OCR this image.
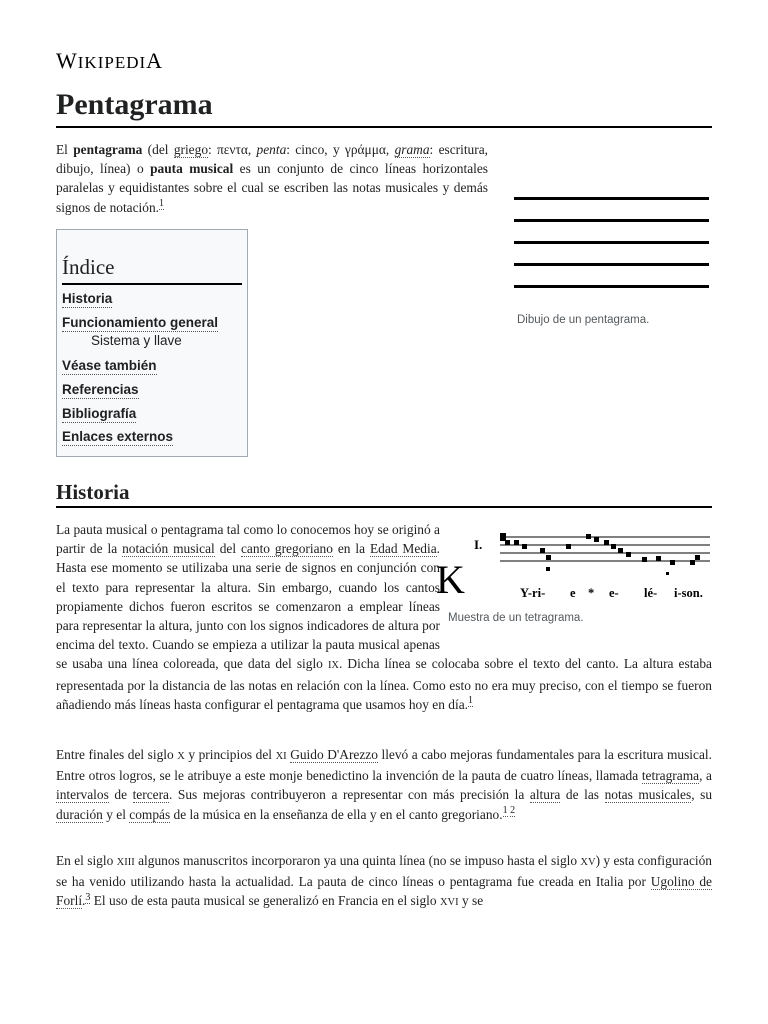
WIKIPEDIA
Pentagrama

El pentagrama (del griego: πεντα, penta: cinco, y γράμμα, grama: escritura, dibujo, línea) o pauta musical es un conjunto de cinco líneas horizontales paralelas y equidistantes sobre el cual se escriben las notas musicales y demás signos de notación.$^1$

Dibujo de un pentagrama.
Índice
Historia
Funcionamiento general
Sistema y llave
Véase también
Referencias
Bibliografía
Enlaces externos
Historia
I.
K	Y-ri- e * e- lé- i-son.
Muestra de un tetragrama.

La pauta musical o pentagrama tal como lo conocemos hoy se originó a partir de la notación musical del canto gregoriano en la Edad Media. Hasta ese momento se utilizaba una serie de signos en conjunción con el texto para representar la altura. Sin embargo, cuando los cantos propiamente dichos fueron escritos se comenzaron a emplear líneas para representar la altura, junto con los signos indicadores de altura por encima del texto. Cuando se empieza a utilizar la pauta musical apenas se usaba una línea coloreada, que data del siglo IX. Dicha línea se colocaba sobre el texto del canto. La altura estaba representada por la distancia de las notas en relación con la línea. Como esto no era muy preciso, con el tiempo se fueron añadiendo más líneas hasta configurar el pentagrama que usamos hoy en día.$^1$

Entre finales del siglo X y principios del XI Guido D'Arezzo llevó a cabo mejoras fundamentales para la escritura musical. Entre otros logros, se le atribuye a este monje benedictino la invención de la pauta de cuatro líneas, llamada tetragrama, a intervalos de tercera. Sus mejoras contribuyeron a representar con más precisión la altura de las notas musicales, su duración y el compás de la música en la enseñanza de ella y en el canto gregoriano.$^{1 2}$

En el siglo XIII algunos manuscritos incorporaron ya una quinta línea (no se impuso hasta el siglo XV) y esta configuración se ha venido utilizando hasta la actualidad. La pauta de cinco líneas o pentagrama fue creada en Italia por Ugolino de Forlí.$^3$ El uso de esta pauta musical se generalizó en Francia en el siglo XVI y se
